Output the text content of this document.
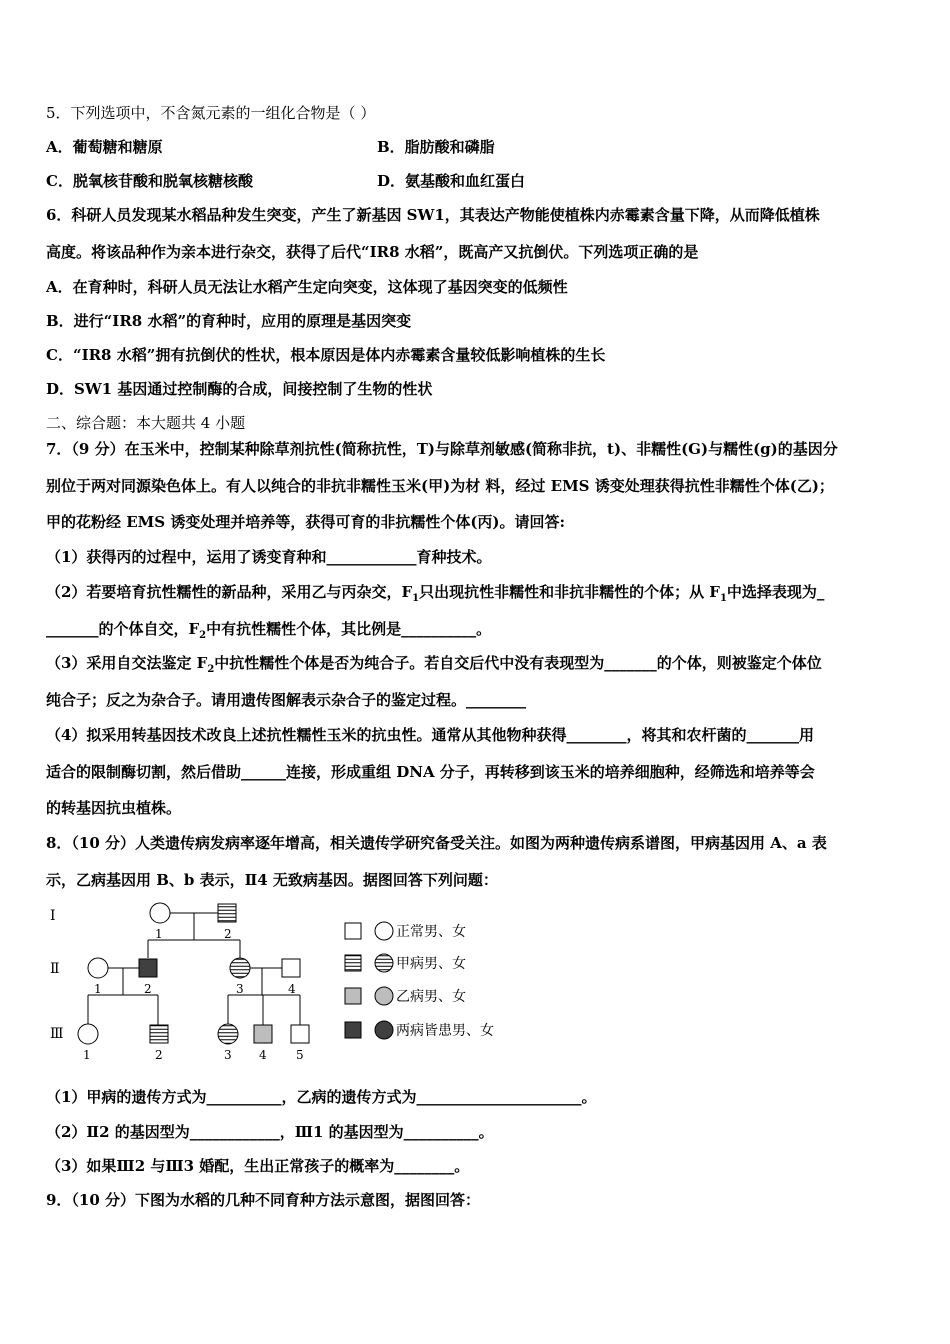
5．下列选项中，不含氮元素的一组化合物是（ ）
A．葡萄糖和糖原	B．脂肪酸和磷脂
C．脱氧核苷酸和脱氧核糖核酸	D．氨基酸和血红蛋白
6．科研人员发现某水稻品种发生突变，产生了新基因 SW1，其表达产物能使植株内赤霉素含量下降，从而降低植株
高度。将该品种作为亲本进行杂交，获得了后代“IR8 水稻”，既高产又抗倒伏。下列选项正确的是
A．在育种时，科研人员无法让水稻产生定向突变，这体现了基因突变的低频性
B．进行“IR8 水稻”的育种时，应用的原理是基因突变
C．“IR8 水稻”拥有抗倒伏的性状，根本原因是体内赤霉素含量较低影响植株的生长
D．SW1 基因通过控制酶的合成，间接控制了生物的性状
二、综合题：本大题共 4 小题
7．（9 分）在玉米中，控制某种除草剂抗性(简称抗性，T)与除草剂敏感(简称非抗，t)、非糯性(G)与糯性(g)的基因分
别位于两对同源染色体上。有人以纯合的非抗非糯性玉米(甲)为材 料，经过 EMS 诱变处理获得抗性非糯性个体(乙)；
甲的花粉经 EMS 诱变处理并培养等，获得可育的非抗糯性个体(丙)。请回答:
（1）获得丙的过程中，运用了诱变育种和____________育种技术。
（2）若要培育抗性糯性的新品种，采用乙与丙杂交，$F_1$只出现抗性非糯性和非抗非糯性的个体；从 $F_1$中选择表现为_
_______的个体自交，$F_2$中有抗性糯性个体，其比例是__________。
（3）采用自交法鉴定 $F_2$中抗性糯性个体是否为纯合子。若自交后代中没有表现型为_______的个体，则被鉴定个体位
纯合子；反之为杂合子。请用遗传图解表示杂合子的鉴定过程。________
（4）拟采用转基因技术改良上述抗性糯性玉米的抗虫性。通常从其他物种获得________，将其和农杆菌的_______用
适合的限制酶切割，然后借助______连接，形成重组 DNA 分子，再转移到该玉米的培养细胞种，经筛选和培养等会
的转基因抗虫植株。
8．（10 分）人类遗传病发病率逐年增高，相关遗传学研究备受关注。如图为两种遗传病系谱图，甲病基因用 A、a 表
示，乙病基因用 B、b 表示，Ⅱ4 无致病基因。据图回答下列问题：
Ⅰ
Ⅱ
Ⅲ
1	2
1	2	3	4
1	2	3 4 5
正常男、女
甲病男、女
乙病男、女
两病皆患男、女
（1）甲病的遗传方式为__________，乙病的遗传方式为______________________。
（2）Ⅱ2 的基因型为____________，Ⅲ1 的基因型为__________。
（3）如果Ⅲ2 与Ⅲ3 婚配，生出正常孩子的概率为________。
9．（10 分）下图为水稻的几种不同育种方法示意图，据图回答：
